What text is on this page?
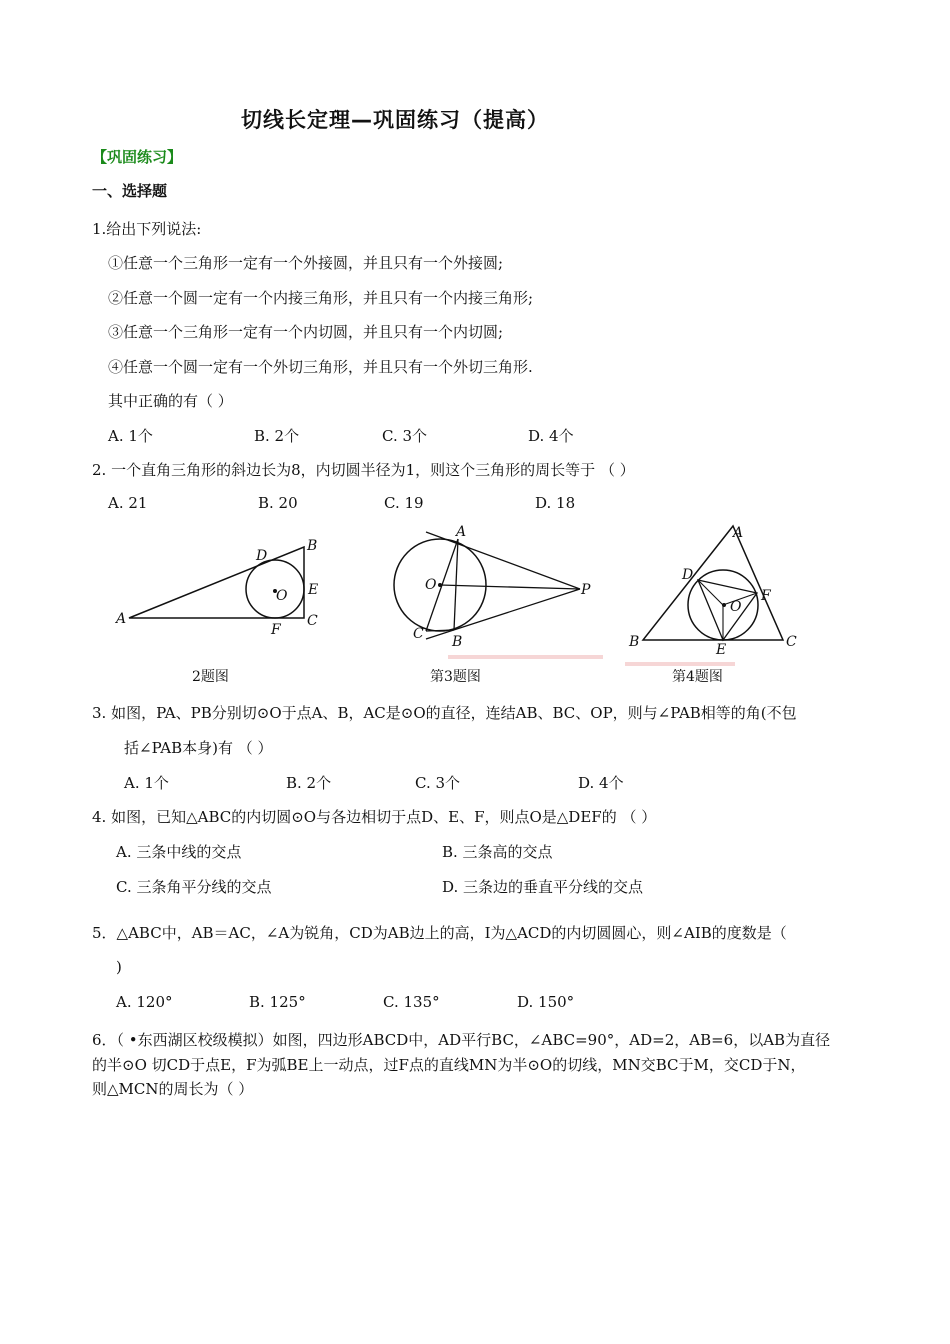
切线长定理—巩固练习（提高）
【巩固练习】
一、选择题
1.给出下列说法:
①任意一个三角形一定有一个外接圆，并且只有一个外接圆;
②任意一个圆一定有一个内接三角形，并且只有一个内接三角形;
③任意一个三角形一定有一个内切圆，并且只有一个内切圆;
④任意一个圆一定有一个外切三角形，并且只有一个外切三角形.
其中正确的有（ ）
A. 1个	B. 2个	C. 3个	D. 4个
2. 一个直角三角形的斜边长为8，内切圆半径为1，则这个三角形的周长等于 （ ）
A. 21	B. 20	C. 19	D. 18
D
B
E
O
A
F
C
2题图
A
O	P
C B
第3题图
A
D
F
O
B	E	C
第4题图
3. 如图，PA、PB分别切⊙O于点A、B，AC是⊙O的直径，连结AB、BC、OP，则与∠PAB相等的角(不包
括∠PAB本身)有 （ ）
A. 1个	B. 2个	C. 3个	D. 4个
4. 如图，已知△ABC的内切圆⊙O与各边相切于点D、E、F，则点O是△DEF的 （ ）
A. 三条中线的交点	B. 三条高的交点
C. 三条角平分线的交点	D. 三条边的垂直平分线的交点
5．△ABC中，AB＝AC，∠A为锐角，CD为AB边上的高，I为△ACD的内切圆圆心，则∠AIB的度数是（
)
A. 120°	B. 125°	C. 135°	D. 150°
6．（ •东西湖区校级模拟）如图，四边形ABCD中，AD平行BC，∠ABC=90°，AD=2，AB=6，以AB为直径
的半⊙O 切CD于点E，F为弧BE上一动点，过F点的直线MN为半⊙O的切线，MN交BC于M，交CD于N，
则△MCN的周长为（ ）
